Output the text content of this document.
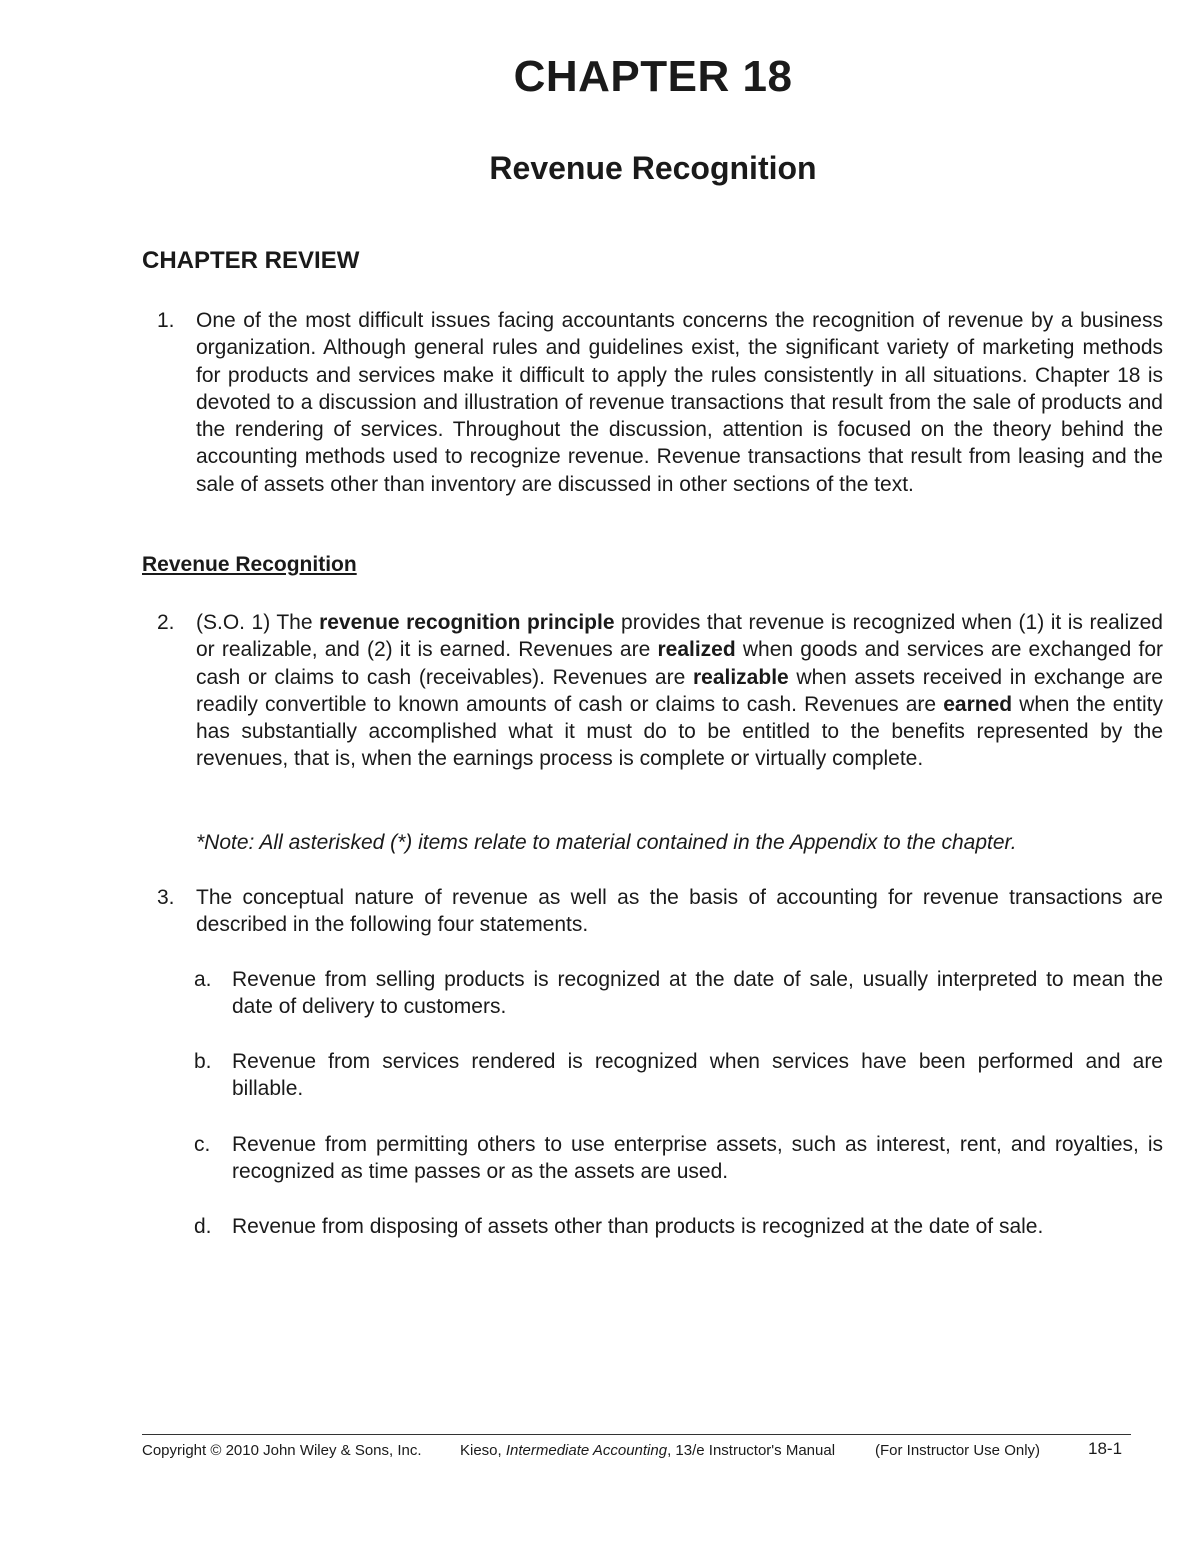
CHAPTER 18
Revenue Recognition
CHAPTER REVIEW
1. One of the most difficult issues facing accountants concerns the recognition of revenue by a business organization. Although general rules and guidelines exist, the significant variety of marketing methods for products and services make it difficult to apply the rules consistently in all situations. Chapter 18 is devoted to a discussion and illustration of revenue transactions that result from the sale of products and the rendering of services. Throughout the discussion, attention is focused on the theory behind the accounting methods used to recognize revenue. Revenue transactions that result from leasing and the sale of assets other than inventory are discussed in other sections of the text.
Revenue Recognition
2. (S.O. 1) The revenue recognition principle provides that revenue is recognized when (1) it is realized or realizable, and (2) it is earned. Revenues are realized when goods and services are exchanged for cash or claims to cash (receivables). Revenues are realizable when assets received in exchange are readily convertible to known amounts of cash or claims to cash. Revenues are earned when the entity has substantially accomplished what it must do to be entitled to the benefits represented by the revenues, that is, when the earnings process is complete or virtually complete.
*Note: All asterisked (*) items relate to material contained in the Appendix to the chapter.
3. The conceptual nature of revenue as well as the basis of accounting for revenue transactions are described in the following four statements.
a. Revenue from selling products is recognized at the date of sale, usually interpreted to mean the date of delivery to customers.
b. Revenue from services rendered is recognized when services have been performed and are billable.
c. Revenue from permitting others to use enterprise assets, such as interest, rent, and royalties, is recognized as time passes or as the assets are used.
d. Revenue from disposing of assets other than products is recognized at the date of sale.
Copyright © 2010 John Wiley & Sons, Inc.	Kieso, Intermediate Accounting, 13/e Instructor's Manual	(For Instructor Use Only)	18-1
